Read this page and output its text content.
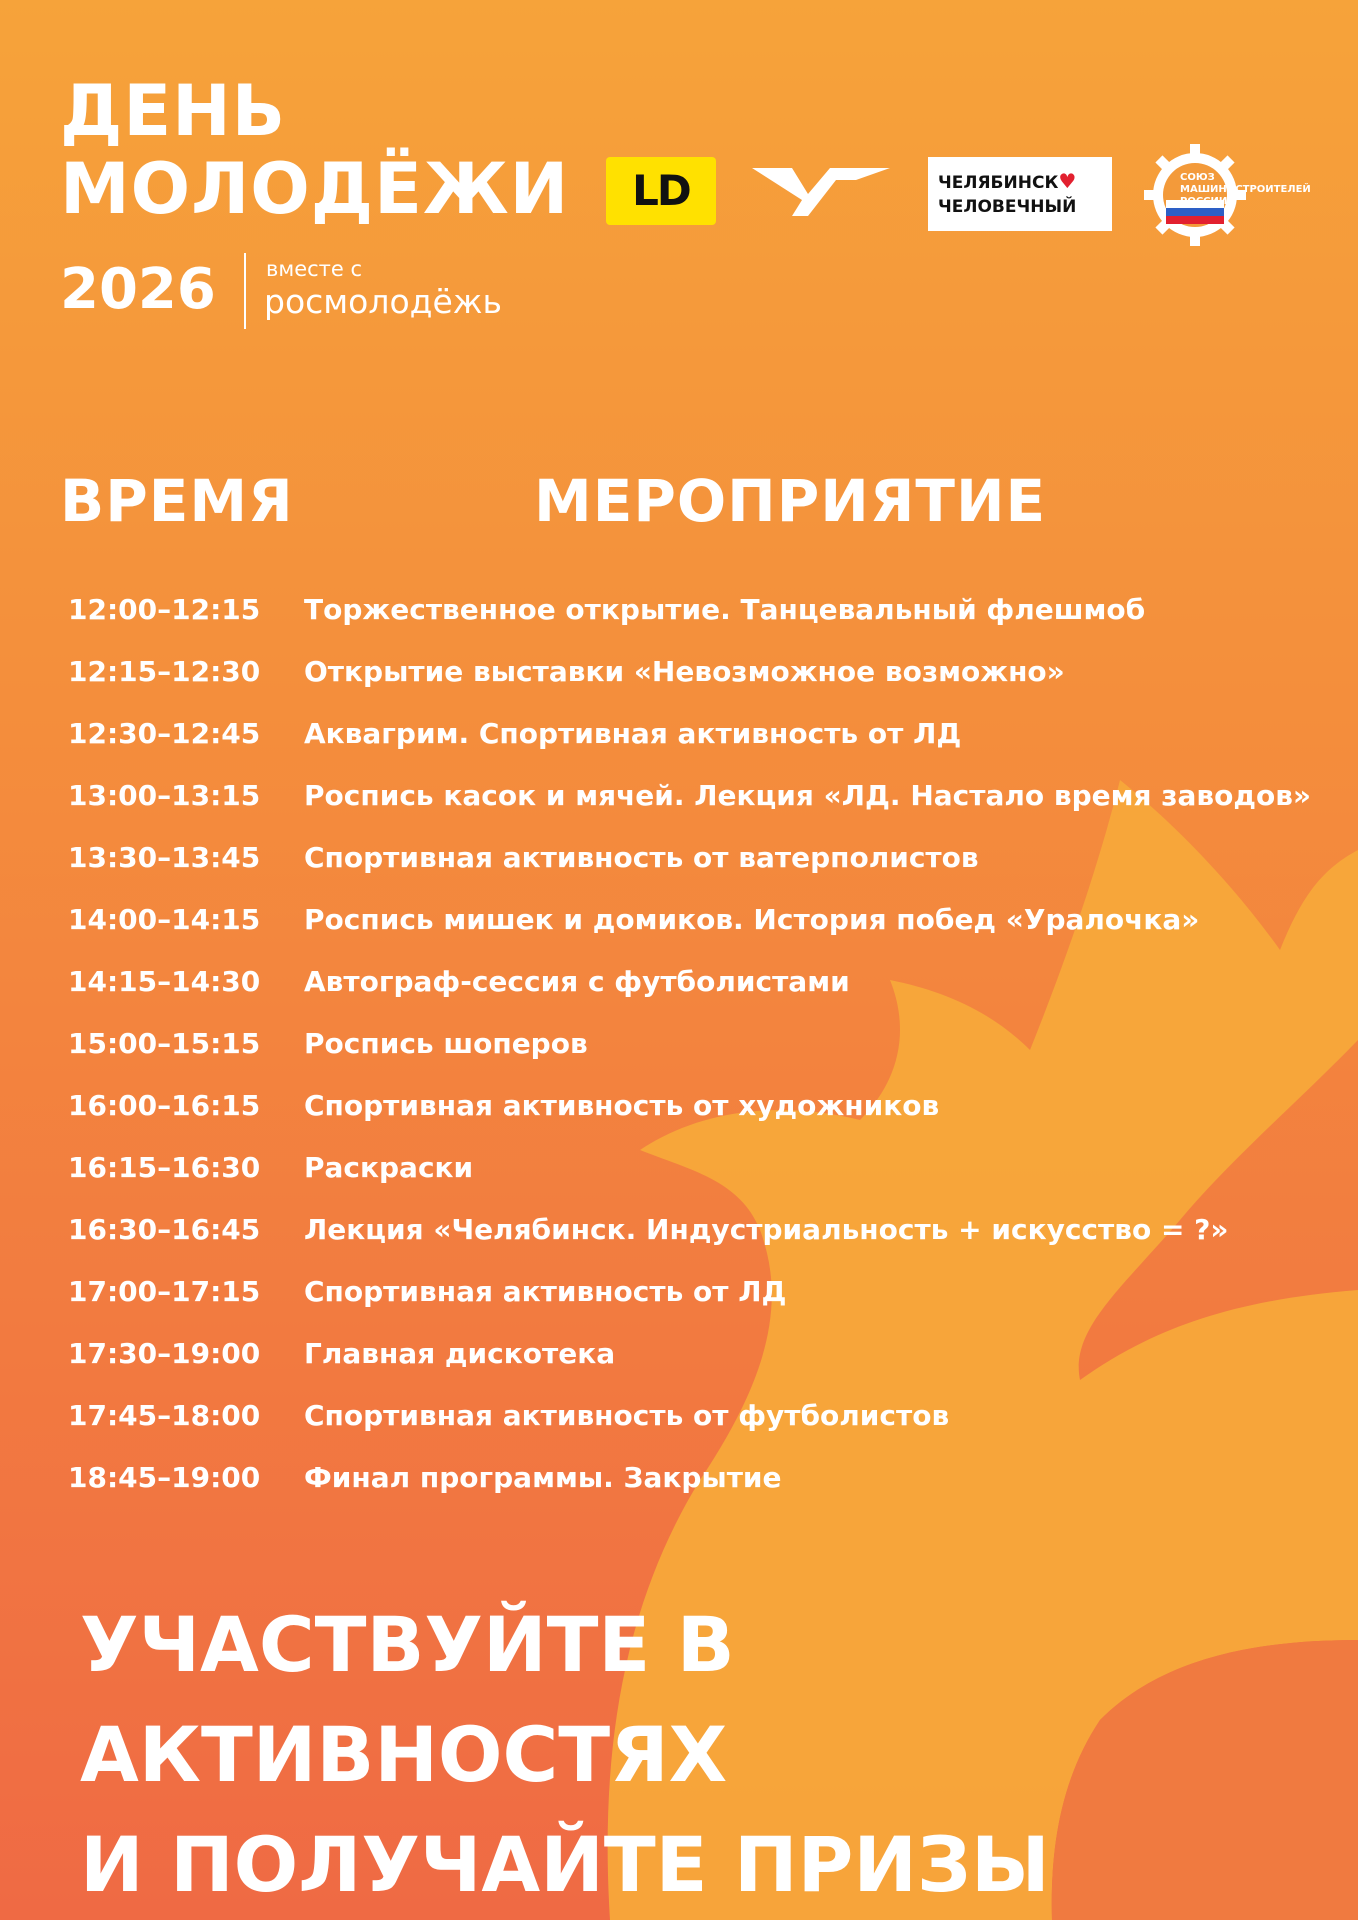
ДЕНЬ
МОЛОДЁЖИ
2026 вместе с
росмолодёжь
LD	ЧЕЛЯБИНСК♥
ЧЕЛОВЕЧНЫЙ
СОЮЗ МАШИНОСТРОИТЕЛЕЙ РОССИИ
ВРЕМЯ	МЕРОПРИЯТИЕ
12:00–12:15	Торжественное открытие. Танцевальный флешмоб
12:15–12:30	Открытие выставки «Невозможное возможно»
12:30–12:45	Аквагрим. Спортивная активность от ЛД
13:00–13:15	Роспись касок и мячей. Лекция «ЛД. Настало время заводов»
13:30–13:45	Спортивная активность от ватерполистов
14:00–14:15	Роспись мишек и домиков. История побед «Уралочка»
14:15–14:30	Автограф-сессия с футболистами
15:00–15:15	Роспись шоперов
16:00–16:15	Спортивная активность от художников
16:15–16:30	Раскраски
16:30–16:45	Лекция «Челябинск. Индустриальность + искусство = ?»
17:00–17:15	Спортивная активность от ЛД
17:30–19:00	Главная дискотека
17:45–18:00	Спортивная активность от футболистов
18:45–19:00	Финал программы. Закрытие
УЧАСТВУЙТЕ В АКТИВНОСТЯХ
И ПОЛУЧАЙТЕ ПРИЗЫ
